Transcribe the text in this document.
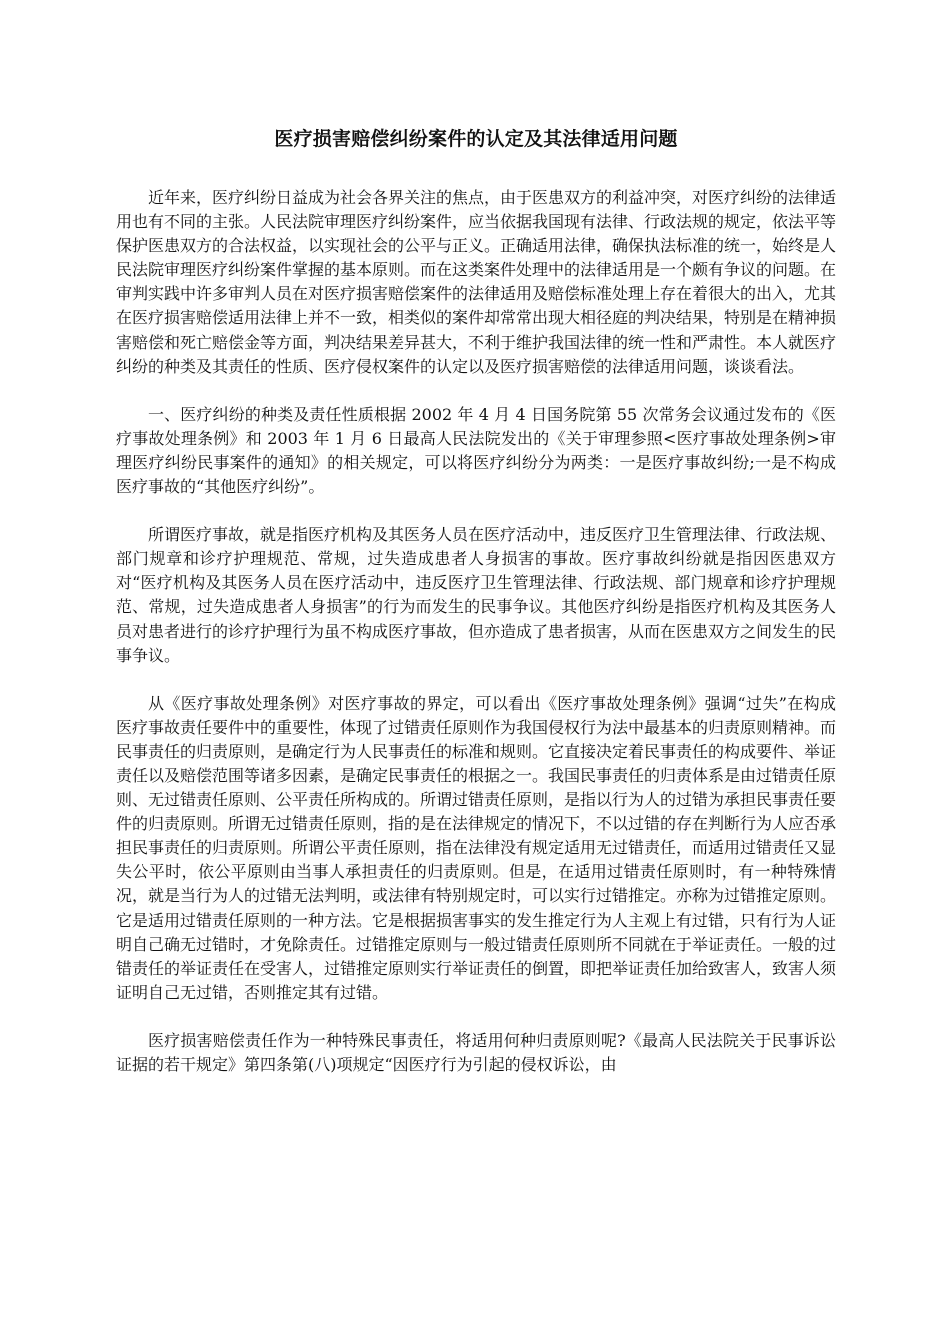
医疗损害赔偿纠纷案件的认定及其法律适用问题

近年来，医疗纠纷日益成为社会各界关注的焦点，由于医患双方的利益冲突，对医疗纠纷的法律适用也有不同的主张。人民法院审理医疗纠纷案件，应当依据我国现有法律、行政法规的规定，依法平等保护医患双方的合法权益，以实现社会的公平与正义。正确适用法律，确保执法标准的统一，始终是人民法院审理医疗纠纷案件掌握的基本原则。而在这类案件处理中的法律适用是一个颇有争议的问题。在审判实践中许多审判人员在对医疗损害赔偿案件的法律适用及赔偿标准处理上存在着很大的出入，尤其在医疗损害赔偿适用法律上并不一致，相类似的案件却常常出现大相径庭的判决结果，特别是在精神损害赔偿和死亡赔偿金等方面，判决结果差异甚大，不利于维护我国法律的统一性和严肃性。本人就医疗纠纷的种类及其责任的性质、医疗侵权案件的认定以及医疗损害赔偿的法律适用问题，谈谈看法。

一、医疗纠纷的种类及责任性质根据 2002 年 4 月 4 日国务院第 55 次常务会议通过发布的《医疗事故处理条例》和 2003 年 1 月 6 日最高人民法院发出的《关于审理参照<医疗事故处理条例>审理医疗纠纷民事案件的通知》的相关规定，可以将医疗纠纷分为两类：一是医疗事故纠纷;一是不构成医疗事故的“其他医疗纠纷”。

所谓医疗事故，就是指医疗机构及其医务人员在医疗活动中，违反医疗卫生管理法律、行政法规、部门规章和诊疗护理规范、常规，过失造成患者人身损害的事故。医疗事故纠纷就是指因医患双方对“医疗机构及其医务人员在医疗活动中，违反医疗卫生管理法律、行政法规、部门规章和诊疗护理规范、常规，过失造成患者人身损害”的行为而发生的民事争议。其他医疗纠纷是指医疗机构及其医务人员对患者进行的诊疗护理行为虽不构成医疗事故，但亦造成了患者损害，从而在医患双方之间发生的民事争议。

从《医疗事故处理条例》对医疗事故的界定，可以看出《医疗事故处理条例》强调“过失”在构成医疗事故责任要件中的重要性，体现了过错责任原则作为我国侵权行为法中最基本的归责原则精神。而民事责任的归责原则，是确定行为人民事责任的标准和规则。它直接决定着民事责任的构成要件、举证责任以及赔偿范围等诸多因素，是确定民事责任的根据之一。我国民事责任的归责体系是由过错责任原则、无过错责任原则、公平责任所构成的。所谓过错责任原则，是指以行为人的过错为承担民事责任要件的归责原则。所谓无过错责任原则，指的是在法律规定的情况下，不以过错的存在判断行为人应否承担民事责任的归责原则。所谓公平责任原则，指在法律没有规定适用无过错责任，而适用过错责任又显失公平时，依公平原则由当事人承担责任的归责原则。但是，在适用过错责任原则时，有一种特殊情况，就是当行为人的过错无法判明，或法律有特别规定时，可以实行过错推定。亦称为过错推定原则。它是适用过错责任原则的一种方法。它是根据损害事实的发生推定行为人主观上有过错，只有行为人证明自己确无过错时，才免除责任。过错推定原则与一般过错责任原则所不同就在于举证责任。一般的过错责任的举证责任在受害人，过错推定原则实行举证责任的倒置，即把举证责任加给致害人，致害人须证明自己无过错，否则推定其有过错。

医疗损害赔偿责任作为一种特殊民事责任，将适用何种归责原则呢?《最高人民法院关于民事诉讼证据的若干规定》第四条第(八)项规定“因医疗行为引起的侵权诉讼，由
